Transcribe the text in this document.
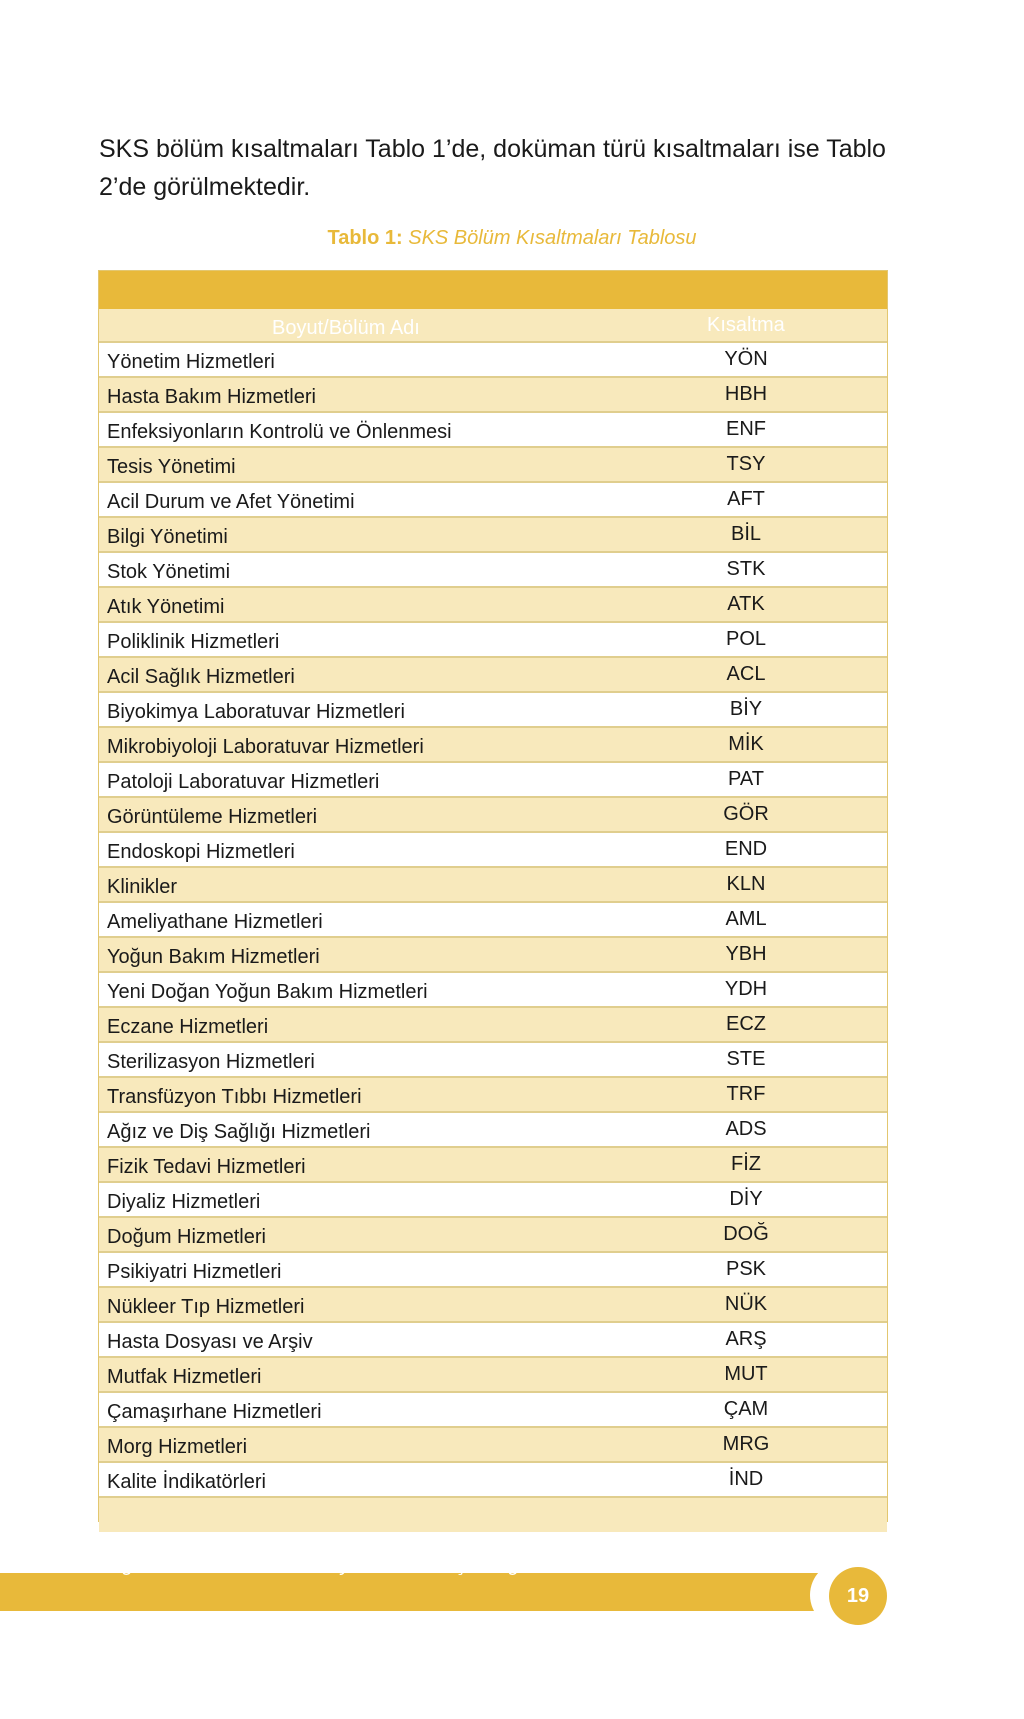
SKS bölüm kısaltmaları Tablo 1’de, doküman türü kısaltmaları ise Tablo 2’de görülmektedir.

Tablo 1: SKS Bölüm Kısaltmaları Tablosu
Boyut/Bölüm Adı	Kısaltma
Yönetim Hizmetleri	YÖN
Hasta Bakım Hizmetleri	HBH
Enfeksiyonların Kontrolü ve Önlenmesi	ENF
Tesis Yönetimi	TSY
Acil Durum ve Afet Yönetimi	AFT
Bilgi Yönetimi	BİL
Stok Yönetimi	STK
Atık Yönetimi	ATK
Poliklinik Hizmetleri	POL
Acil Sağlık Hizmetleri	ACL
Biyokimya Laboratuvar Hizmetleri	BİY
Mikrobiyoloji Laboratuvar Hizmetleri	MİK
Patoloji Laboratuvar Hizmetleri	PAT
Görüntüleme Hizmetleri	GÖR
Endoskopi Hizmetleri	END
Klinikler	KLN
Ameliyathane Hizmetleri	AML
Yoğun Bakım Hizmetleri	YBH
Yeni Doğan Yoğun Bakım Hizmetleri	YDH
Eczane Hizmetleri	ECZ
Sterilizasyon Hizmetleri	STE
Transfüzyon Tıbbı Hizmetleri	TRF
Ağız ve Diş Sağlığı Hizmetleri	ADS
Fizik Tedavi Hizmetleri	FİZ
Diyaliz Hizmetleri	DİY
Doğum Hizmetleri	DOĞ
Psikiyatri Hizmetleri	PSK
Nükleer Tıp Hizmetleri	NÜK
Hasta Dosyası ve Arşiv	ARŞ
Mutfak Hizmetleri	MUT
Çamaşırhane Hizmetleri	ÇAM
Morg Hizmetleri	MRG
Kalite İndikatörleri	İND
Sağlıkta Kalite ve Akreditasyon Daire Başkanlığı
19
